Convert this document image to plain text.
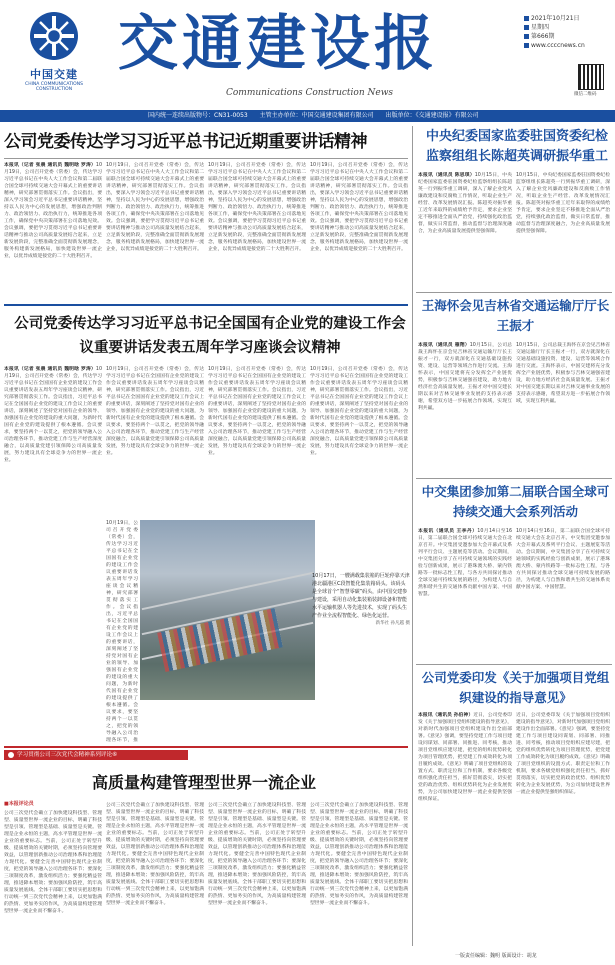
中国交建
CHINA COMMUNICATIONS CONSTRUCTION
交通建设报
Communications Construction News
2021年10月21日
星期四
第666期
www.ccccnews.cn
微信二维码
国内统一连续出版物号：CN31-0053 主管主办单位：中国交通建设集团有限公司 出版单位：《交通建设报》有限公司
公司党委传达学习习近平总书记近期重要讲话精神
本报讯（记者 张晨 通讯员 魏明晗 罗涛）10月19日，公司召开党委（常委）会，传达学习习近平总书记在中央人大工作会议和第二届联合国全球可持续交通大会开幕式上的重要讲话精神，研究部署贯彻落实工作。会议指出，要深入学习领会习近平总书记重要讲话精神，坚持以人民为中心的发展思想，增强政治判断力、政治领悟力、政治执行力，统筹推进各项工作，确保党中央决策部署在公司落地见效。会议强调，要把学习贯彻习近平总书记重要讲话精神与推动公司高质量发展结合起来，立足新发展阶段，完整准确全面贯彻新发展理念，服务构建新发展格局，加快建设世界一流企业，以优异成绩迎接党的二十大胜利召开。
10月19日，公司召开党委（常委）会，传达学习习近平总书记在中央人大工作会议和第二届联合国全球可持续交通大会开幕式上的重要讲话精神，研究部署贯彻落实工作。会议指出，要深入学习领会习近平总书记重要讲话精神，坚持以人民为中心的发展思想，增强政治判断力、政治领悟力、政治执行力，统筹推进各项工作，确保党中央决策部署在公司落地见效。会议强调，要把学习贯彻习近平总书记重要讲话精神与推动公司高质量发展结合起来，立足新发展阶段，完整准确全面贯彻新发展理念，服务构建新发展格局，加快建设世界一流企业，以优异成绩迎接党的二十大胜利召开。
10月19日，公司召开党委（常委）会，传达学习习近平总书记在中央人大工作会议和第二届联合国全球可持续交通大会开幕式上的重要讲话精神，研究部署贯彻落实工作。会议指出，要深入学习领会习近平总书记重要讲话精神，坚持以人民为中心的发展思想，增强政治判断力、政治领悟力、政治执行力，统筹推进各项工作，确保党中央决策部署在公司落地见效。会议强调，要把学习贯彻习近平总书记重要讲话精神与推动公司高质量发展结合起来，立足新发展阶段，完整准确全面贯彻新发展理念，服务构建新发展格局，加快建设世界一流企业，以优异成绩迎接党的二十大胜利召开。
10月19日，公司召开党委（常委）会，传达学习习近平总书记在中央人大工作会议和第二届联合国全球可持续交通大会开幕式上的重要讲话精神，研究部署贯彻落实工作。会议指出，要深入学习领会习近平总书记重要讲话精神，坚持以人民为中心的发展思想，增强政治判断力、政治领悟力、政治执行力，统筹推进各项工作，确保党中央决策部署在公司落地见效。会议强调，要把学习贯彻习近平总书记重要讲话精神与推动公司高质量发展结合起来，立足新发展阶段，完整准确全面贯彻新发展理念，服务构建新发展格局，加快建设世界一流企业，以优异成绩迎接党的二十大胜利召开。
公司党委传达学习习近平总书记全国国有企业党的建设工作会议重要讲话发表五周年学习座谈会议精神
本报讯（记者 张晨 通讯员 魏明晗 罗涛）10月19日，公司召开党委（常委）会，传达学习习近平总书记在全国国有企业党的建设工作会议重要讲话发表五周年学习座谈会议精神，研究部署贯彻落实工作。会议指出，习近平总书记在全国国有企业党的建设工作会议上的重要讲话，深刻阐述了坚持党对国有企业的领导、加强国有企业党的建设的重大问题，为新时代国有企业党的建设提供了根本遵循。会议要求，要坚持两个一以贯之，把党的领导融入公司治理各环节，推动党建工作与生产经营深度融合，以高质量党建引领保障公司高质量发展，努力建设具有全球竞争力的世界一流企业。
10月19日，公司召开党委（常委）会，传达学习习近平总书记在全国国有企业党的建设工作会议重要讲话发表五周年学习座谈会议精神，研究部署贯彻落实工作。会议指出，习近平总书记在全国国有企业党的建设工作会议上的重要讲话，深刻阐述了坚持党对国有企业的领导、加强国有企业党的建设的重大问题，为新时代国有企业党的建设提供了根本遵循。会议要求，要坚持两个一以贯之，把党的领导融入公司治理各环节，推动党建工作与生产经营深度融合，以高质量党建引领保障公司高质量发展，努力建设具有全球竞争力的世界一流企业。
10月19日，公司召开党委（常委）会，传达学习习近平总书记在全国国有企业党的建设工作会议重要讲话发表五周年学习座谈会议精神，研究部署贯彻落实工作。会议指出，习近平总书记在全国国有企业党的建设工作会议上的重要讲话，深刻阐述了坚持党对国有企业的领导、加强国有企业党的建设的重大问题，为新时代国有企业党的建设提供了根本遵循。会议要求，要坚持两个一以贯之，把党的领导融入公司治理各环节，推动党建工作与生产经营深度融合，以高质量党建引领保障公司高质量发展，努力建设具有全球竞争力的世界一流企业。
10月19日，公司召开党委（常委）会，传达学习习近平总书记在全国国有企业党的建设工作会议重要讲话发表五周年学习座谈会议精神，研究部署贯彻落实工作。会议指出，习近平总书记在全国国有企业党的建设工作会议上的重要讲话，深刻阐述了坚持党对国有企业的领导、加强国有企业党的建设的重大问题，为新时代国有企业党的建设提供了根本遵循。会议要求，要坚持两个一以贯之，把党的领导融入公司治理各环节，推动党建工作与生产经营深度融合，以高质量党建引领保障公司高质量发展，努力建设具有全球竞争力的世界一流企业。
10月19日，公司召开党委（常委）会，传达学习习近平总书记在全国国有企业党的建设工作会议重要讲话发表五周年学习座谈会议精神，研究部署贯彻落实工作。会议指出，习近平总书记在全国国有企业党的建设工作会议上的重要讲话，深刻阐述了坚持党对国有企业的领导、加强国有企业党的建设的重大问题，为新时代国有企业党的建设提供了根本遵循。会议要求，要坚持两个一以贯之，把党的领导融入公司治理各环节，推
10月17日，一艘满载集装箱的巨轮停靠天津港北疆港区C段智能化集装箱码头。该码头是全球首个“智慧零碳”码头，由中国交建参与建设，采用自动化集装箱装卸设备和智能水平运输机器人等先进技术，实现了码头生产作业全流程智能化、绿色化运营。
新华社 孙凡越 摄
中央纪委国家监委驻国资委纪检监察组组长陈超英调研振华重工
本报讯（通讯员 陈思琪）10月15日，中央纪委国家监委驻国资委纪检监察组组长陈超英一行到振华重工调研，深入了解企业党风廉政建设和反腐败工作情况，听取企业生产经营、改革发展情况汇报。陈超英对振华重工近年来取得的成绩给予肯定，要求企业坚定不移推进全面从严治党，持续强化政治监督，做实日常监督，推动监督与治理深度融合，为企业高质量发展提供坚强保障。
10月15日，中央纪委国家监委驻国资委纪检监察组组长陈超英一行到振华重工调研，深入了解企业党风廉政建设和反腐败工作情况，听取企业生产经营、改革发展情况汇报。陈超英对振华重工近年来取得的成绩给予肯定，要求企业坚定不移推进全面从严治党，持续强化政治监督，做实日常监督，推动监督与治理深度融合，为企业高质量发展提供坚强保障。
王海怀会见吉林省交通运输厅厅长王振才
本报讯（通讯员 雁翔）10月15日，公司总裁王海怀在京会见吉林省交通运输厅厅长王振才一行，双方就深化在交通基础设施投资、建设、运营等领域合作进行交流。王海怀表示，中国交建将充分发挥全产业链优势，积极参与吉林交通强省建设，助力地方经济社会高质量发展。王振才对中国交建长期以来对吉林交通事业发展的支持表示感谢，希望双方进一步拓展合作领域，实现互利共赢。
10月15日，公司总裁王海怀在京会见吉林省交通运输厅厅长王振才一行，双方就深化在交通基础设施投资、建设、运营等领域合作进行交流。王海怀表示，中国交建将充分发挥全产业链优势，积极参与吉林交通强省建设，助力地方经济社会高质量发展。王振才对中国交建长期以来对吉林交通事业发展的支持表示感谢，希望双方进一步拓展合作领域，实现互利共赢。
中交集团参加第二届联合国全球可持续交通大会系列活动
本报讯（通讯员 王李丹）10月14日至16日，第二届联合国全球可持续交通大会在北京召开。中交集团受邀参加大会开幕式及系列平行会议、主题展览等活动。会议期间，中交集团分享了在可持续交通领域的实践经验与创新成果，展示了港珠澳大桥、蒙内铁路等一批标志性工程，与各方共同探讨推动全球交通可持续发展的路径，为构建人与自然和谐共生的交通体系贡献中国方案、中国智慧。
10月14日至16日，第二届联合国全球可持续交通大会在北京召开。中交集团受邀参加大会开幕式及系列平行会议、主题展览等活动。会议期间，中交集团分享了在可持续交通领域的实践经验与创新成果，展示了港珠澳大桥、蒙内铁路等一批标志性工程，与各方共同探讨推动全球交通可持续发展的路径，为构建人与自然和谐共生的交通体系贡献中国方案、中国智慧。
公司党委印发《关于加强项目党组织建设的指导意见》
本报讯（通讯员 孙伯神）近日，公司党委印发《关于加强项目党组织建设的指导意见》，对新时代加强项目党组织建设作出全面部署。《意见》强调，要坚持党建工作与项目建设同谋划、同部署、同推进、同考核，推动项目党组织应建尽建，把党的组织优势转化为项目管理优势，把党建工作成效转化为项目履约成效。《意见》明确了项目党组织的设置方式、职责定位和工作机制，要求各级党组织强化责任担当，抓好贯彻落实，切实把党的政治优势、组织优势转化为企业发展优势，为公司加快建设世界一流企业提供坚强组织保证。
近日，公司党委印发《关于加强项目党组织建设的指导意见》，对新时代加强项目党组织建设作出全面部署。《意见》强调，要坚持党建工作与项目建设同谋划、同部署、同推进、同考核，推动项目党组织应建尽建，把党的组织优势转化为项目管理优势，把党建工作成效转化为项目履约成效。《意见》明确了项目党组织的设置方式、职责定位和工作机制，要求各级党组织强化责任担当，抓好贯彻落实，切实把党的政治优势、组织优势转化为企业发展优势，为公司加快建设世界一流企业提供坚强组织保证。
学习贯彻公司三次党代会精神系列评论⑥
高质量构建管理型世界一流企业
■本报评论员
公司三次党代会确立了加快建设科技型、管理型、质量型世界一流企业的目标，明确了科技型是引领、管理型是基础、质量型是关键。管理是企业永恒的主题，高水平管理是世界一流企业的重要标志。当前，公司正处于转型升级、提质增效的关键时期，必须坚持向管理要效益，以管理创新推动公司治理体系和治理能力现代化。要健全完善中国特色现代企业制度，把党的领导融入公司治理各环节；要深化三项制度改革，激发组织活力；要强化精益管理，推进降本增效；要加强风险防控，筑牢高质量发展底线。全体干部职工要切实把思想和行动统一到三次党代会精神上来，以更加饱满的热情、更加务实的作风，为高质量构建管理型世界一流企业而不懈奋斗。
公司三次党代会确立了加快建设科技型、管理型、质量型世界一流企业的目标，明确了科技型是引领、管理型是基础、质量型是关键。管理是企业永恒的主题，高水平管理是世界一流企业的重要标志。当前，公司正处于转型升级、提质增效的关键时期，必须坚持向管理要效益，以管理创新推动公司治理体系和治理能力现代化。要健全完善中国特色现代企业制度，把党的领导融入公司治理各环节；要深化三项制度改革，激发组织活力；要强化精益管理，推进降本增效；要加强风险防控，筑牢高质量发展底线。全体干部职工要切实把思想和行动统一到三次党代会精神上来，以更加饱满的热情、更加务实的作风，为高质量构建管理型世界一流企业而不懈奋斗。
公司三次党代会确立了加快建设科技型、管理型、质量型世界一流企业的目标，明确了科技型是引领、管理型是基础、质量型是关键。管理是企业永恒的主题，高水平管理是世界一流企业的重要标志。当前，公司正处于转型升级、提质增效的关键时期，必须坚持向管理要效益，以管理创新推动公司治理体系和治理能力现代化。要健全完善中国特色现代企业制度，把党的领导融入公司治理各环节；要深化三项制度改革，激发组织活力；要强化精益管理，推进降本增效；要加强风险防控，筑牢高质量发展底线。全体干部职工要切实把思想和行动统一到三次党代会精神上来，以更加饱满的热情、更加务实的作风，为高质量构建管理型世界一流企业而不懈奋斗。
公司三次党代会确立了加快建设科技型、管理型、质量型世界一流企业的目标，明确了科技型是引领、管理型是基础、质量型是关键。管理是企业永恒的主题，高水平管理是世界一流企业的重要标志。当前，公司正处于转型升级、提质增效的关键时期，必须坚持向管理要效益，以管理创新推动公司治理体系和治理能力现代化。要健全完善中国特色现代企业制度，把党的领导融入公司治理各环节；要深化三项制度改革，激发组织活力；要强化精益管理，推进降本增效；要加强风险防控，筑牢高质量发展底线。全体干部职工要切实把思想和行动统一到三次党代会精神上来，以更加饱满的热情、更加务实的作风，为高质量构建管理型世界一流企业而不懈奋斗。
一版责任编辑：魏明 版面设计：胡龙
